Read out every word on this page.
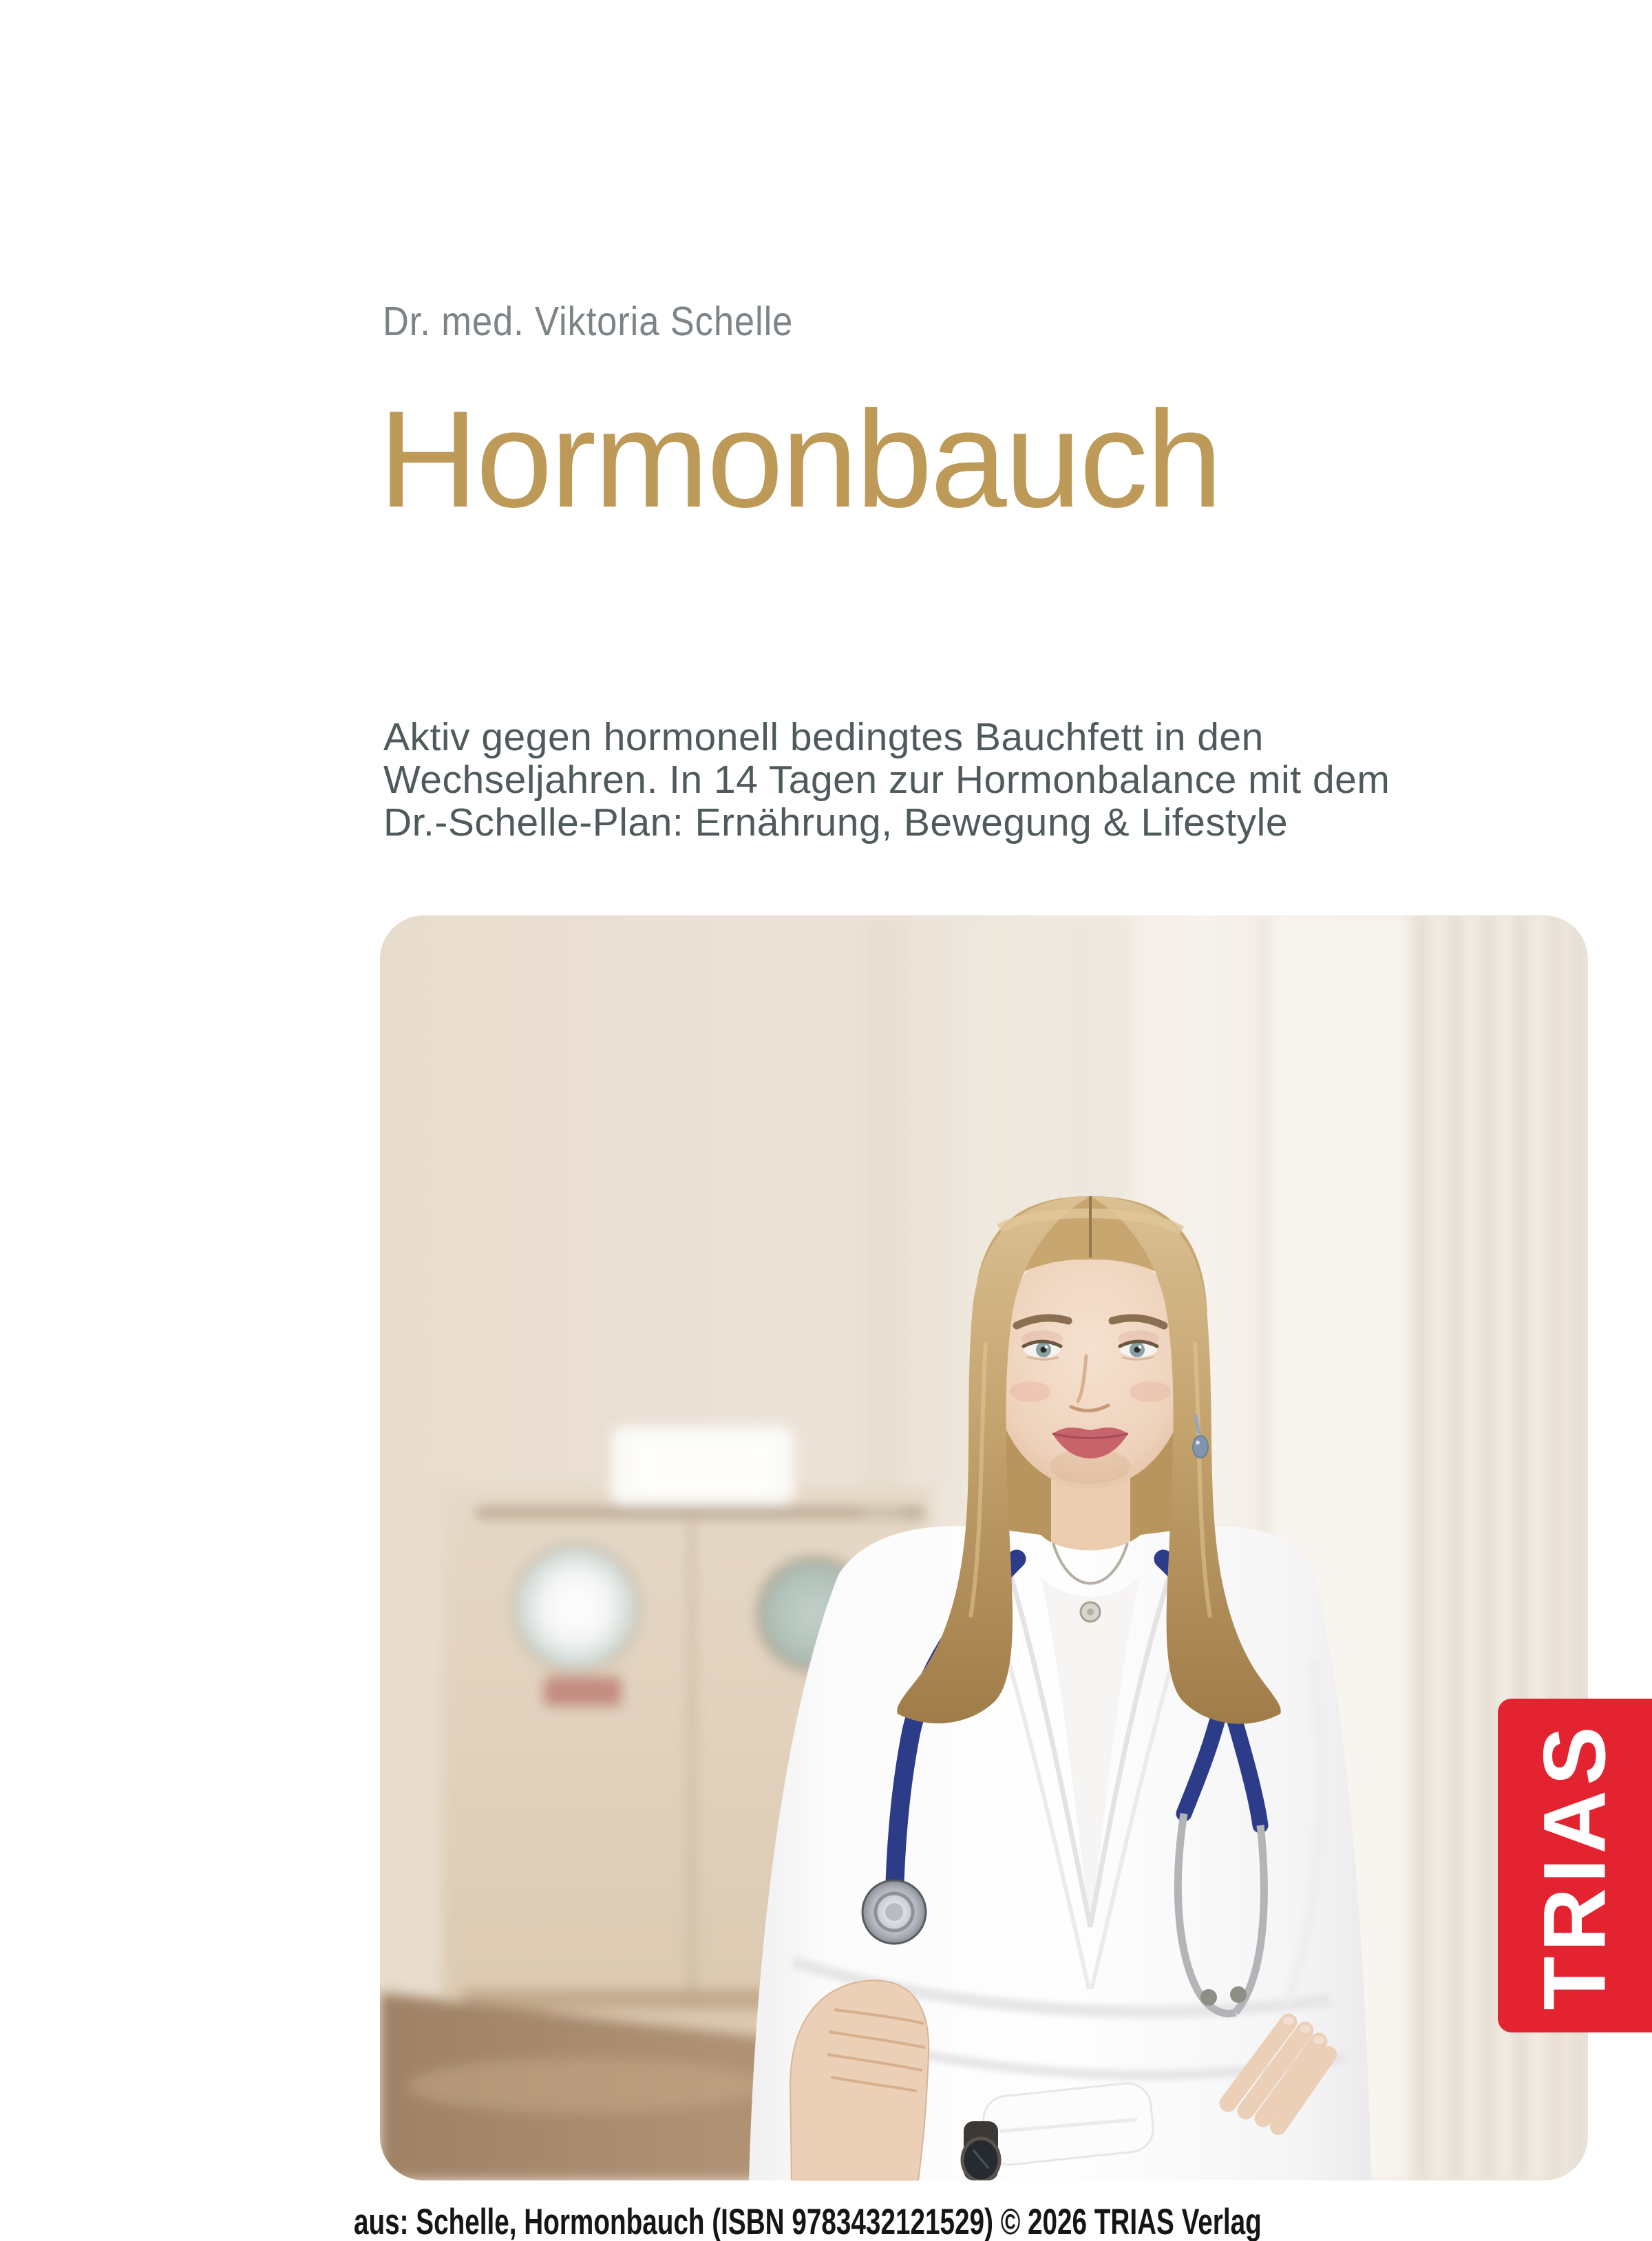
Dr. med. Viktoria Schelle
Hormonbauch
Aktiv gegen hormonell bedingtes Bauchfett in den
Wechseljahren. In 14 Tagen zur Hormonbalance mit dem
Dr.-Schelle-Plan: Ernährung, Bewegung & Lifestyle
TRIAS
aus: Schelle, Hormonbauch (ISBN 9783432121529) © 2026 TRIAS Verlag
